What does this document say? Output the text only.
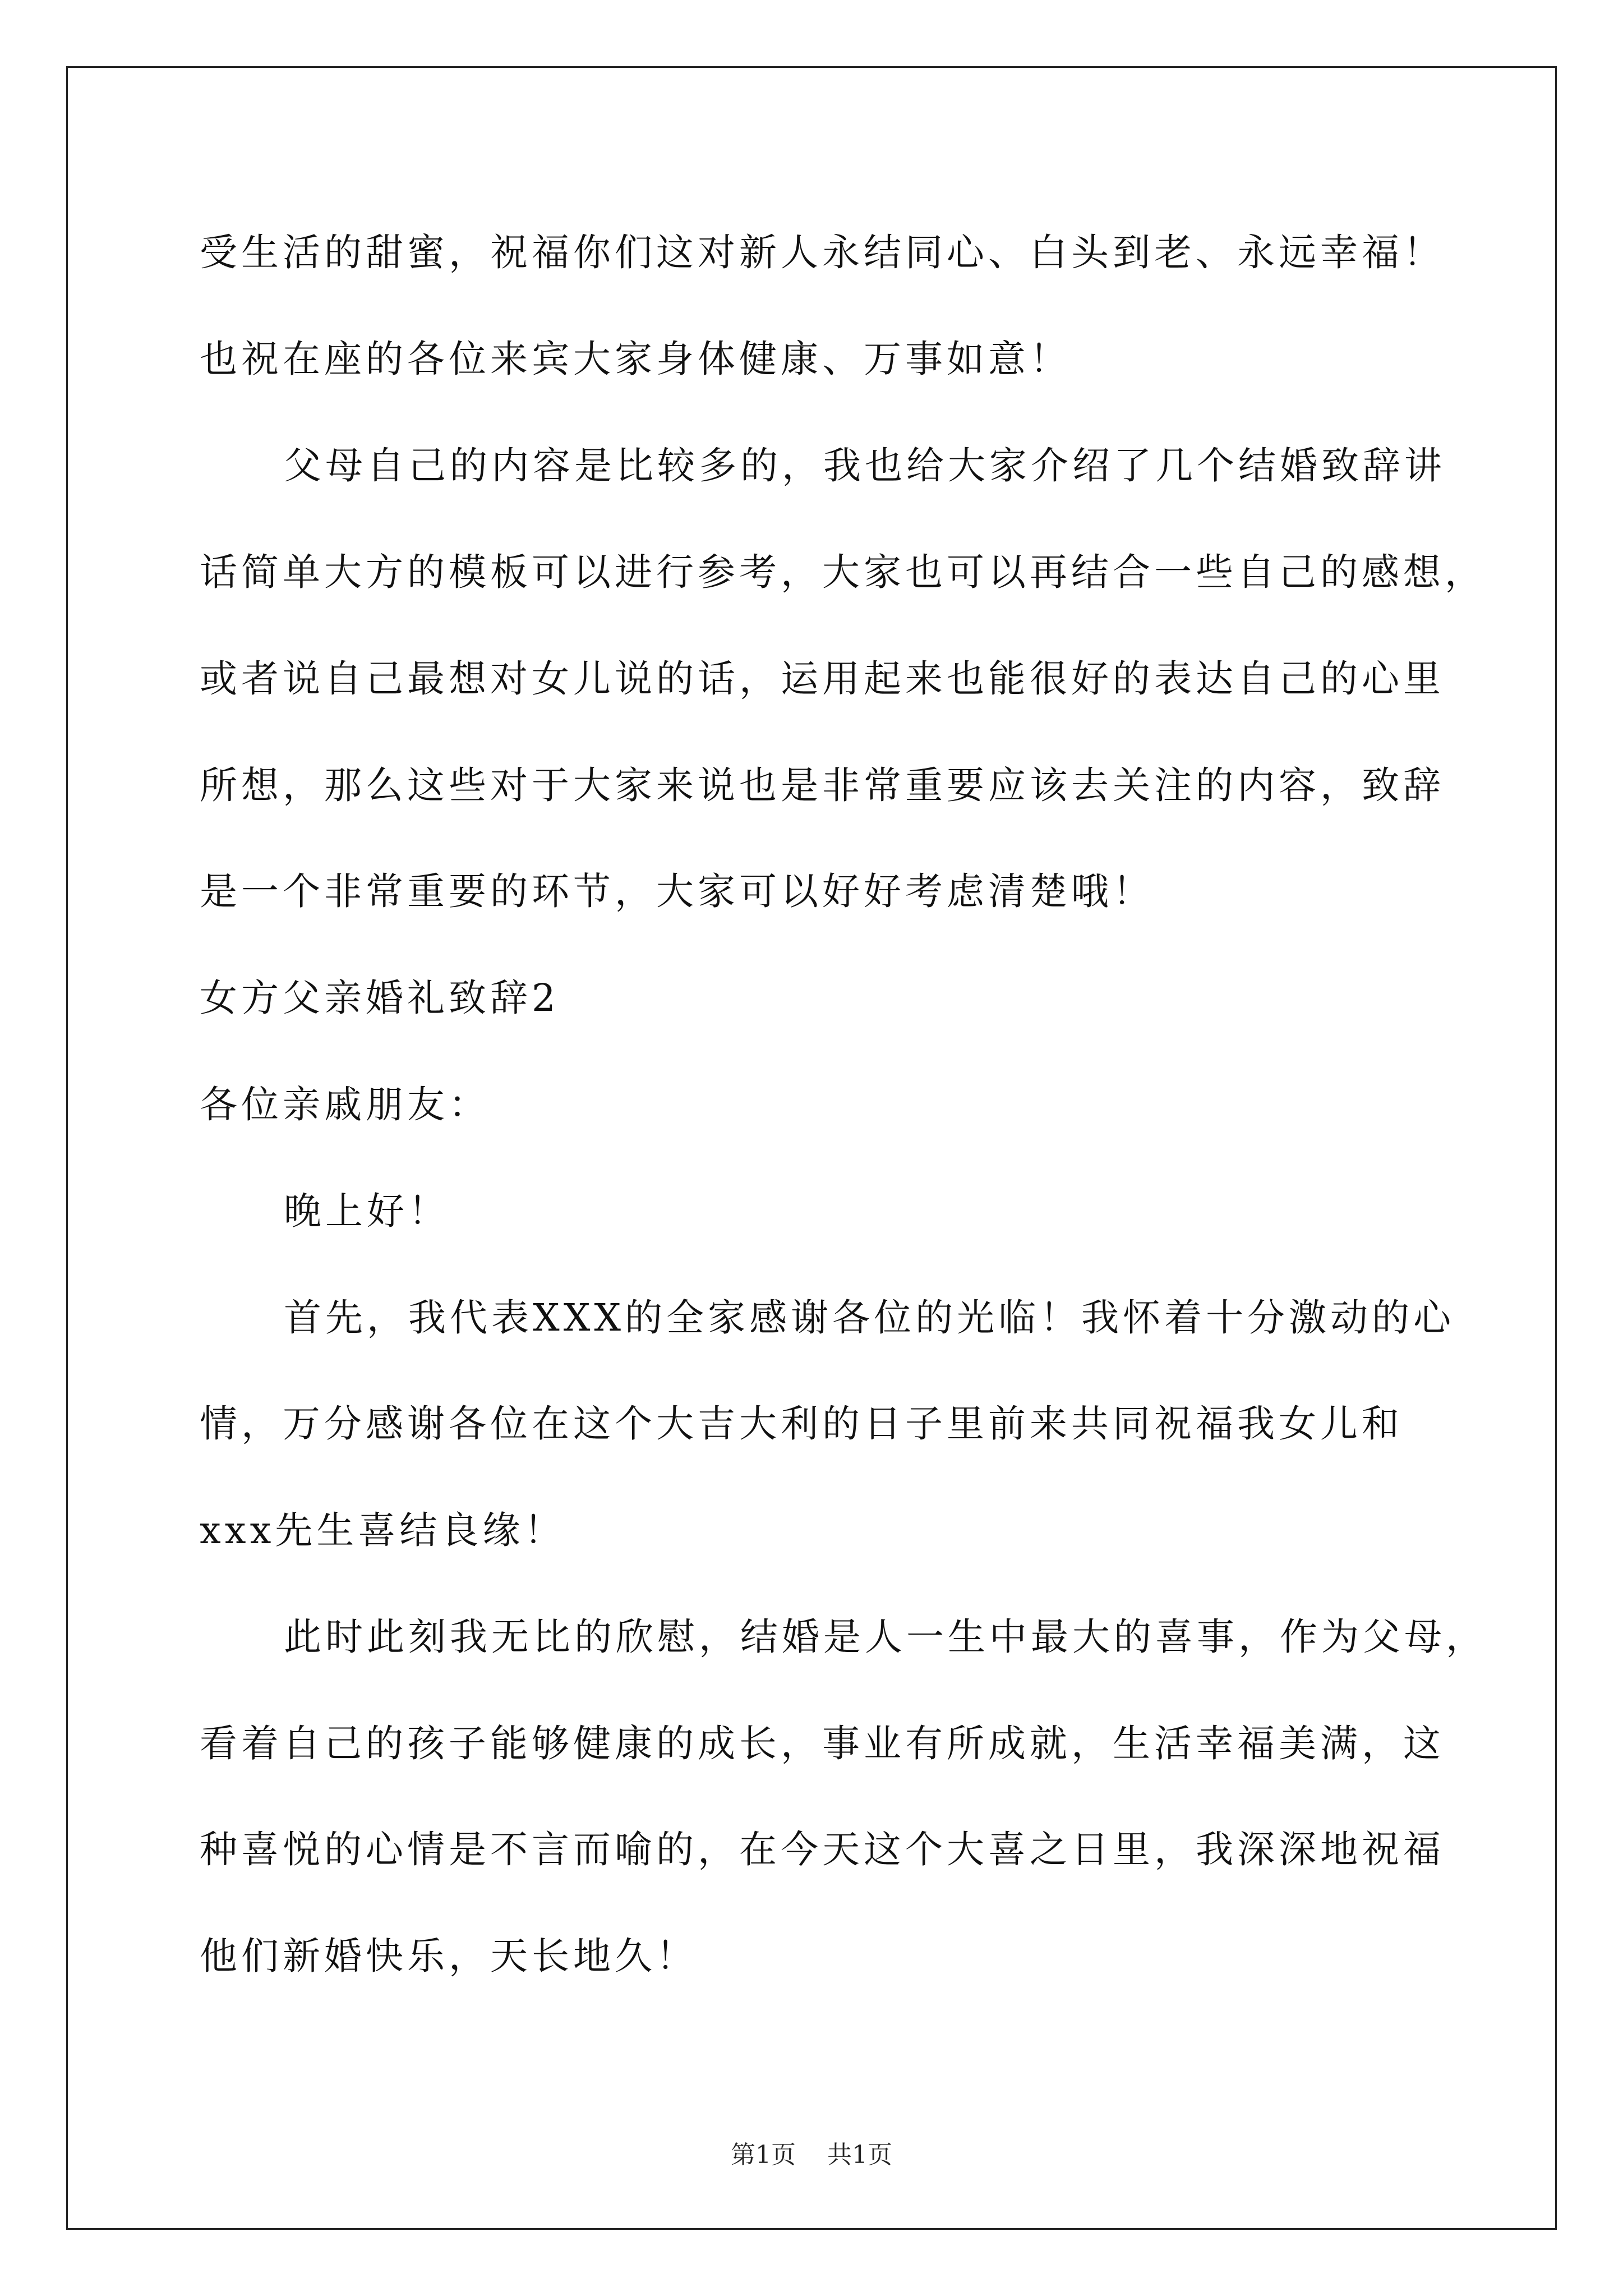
受生活的甜蜜，祝福你们这对新人永结同心、白头到老、永远幸福！
也祝在座的各位来宾大家身体健康、万事如意！
父母自己的内容是比较多的，我也给大家介绍了几个结婚致辞讲
话简单大方的模板可以进行参考，大家也可以再结合一些自己的感想，
或者说自己最想对女儿说的话，运用起来也能很好的表达自己的心里
所想，那么这些对于大家来说也是非常重要应该去关注的内容，致辞
是一个非常重要的环节，大家可以好好考虑清楚哦！
女方父亲婚礼致辞2
各位亲戚朋友：
晚上好！
首先，我代表XXX的全家感谢各位的光临！我怀着十分激动的心
情，万分感谢各位在这个大吉大利的日子里前来共同祝福我女儿和
xxx先生喜结良缘！
此时此刻我无比的欣慰，结婚是人一生中最大的喜事，作为父母，
看着自己的孩子能够健康的成长，事业有所成就，生活幸福美满，这
种喜悦的心情是不言而喻的，在今天这个大喜之日里，我深深地祝福
他们新婚快乐，天长地久！
第1页 共1页
